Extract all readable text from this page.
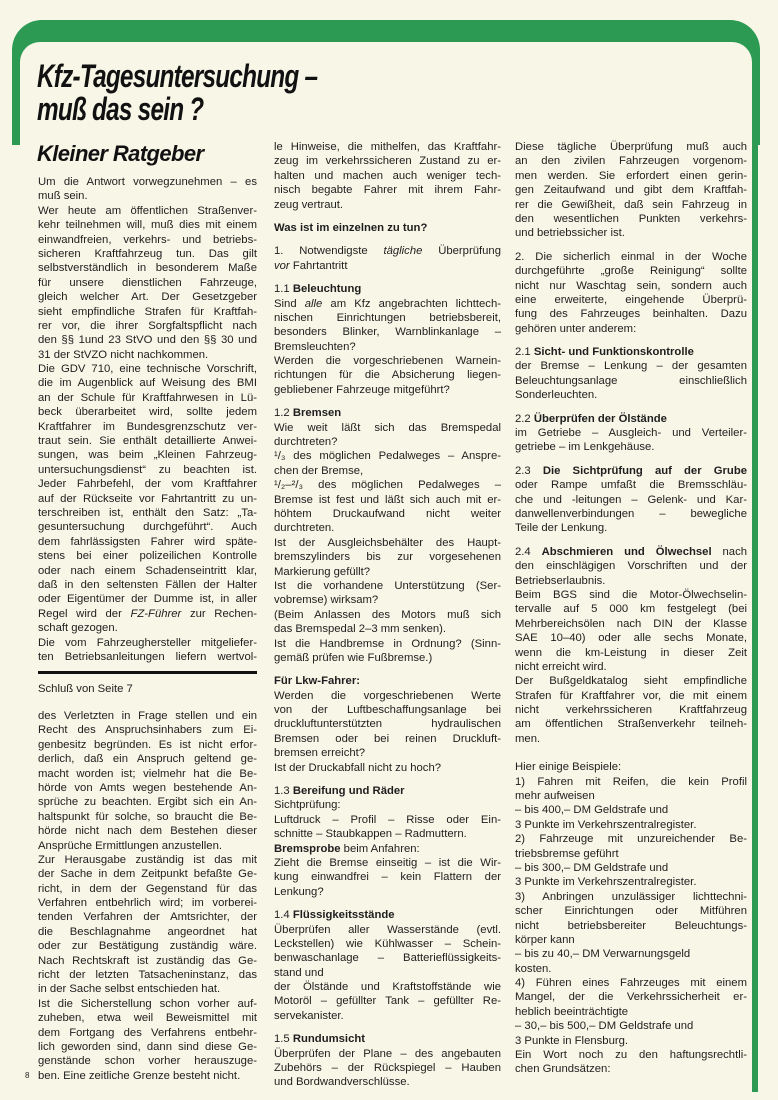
Kfz-Tagesuntersuchung –
muß das sein ?
Kleiner Ratgeber
Um die Antwort vorwegzunehmen – es
muß sein.
Wer heute am öffentlichen Straßenver-
kehr teilnehmen will, muß dies mit einem
einwandfreien, verkehrs- und betriebs-
sicheren Kraftfahrzeug tun. Das gilt
selbstverständlich in besonderem Maße
für unsere dienstlichen Fahrzeuge,
gleich welcher Art. Der Gesetzgeber
sieht empfindliche Strafen für Kraftfah-
rer vor, die ihrer Sorgfaltspflicht nach
den §§ 1und 23 StVO und den §§ 30 und
31 der StVZO nicht nachkommen.
Die GDV 710, eine technische Vorschrift,
die im Augenblick auf Weisung des BMI
an der Schule für Kraftfahrwesen in Lü-
beck überarbeitet wird, sollte jedem
Kraftfahrer im Bundesgrenzschutz ver-
traut sein. Sie enthält detaillierte Anwei-
sungen, was beim „Kleinen Fahrzeug-
untersuchungsdienst“ zu beachten ist.
Jeder Fahrbefehl, der vom Kraftfahrer
auf der Rückseite vor Fahrtantritt zu un-
terschreiben ist, enthält den Satz: „Ta-
gesuntersuchung durchgeführt“. Auch
dem fahrlässigsten Fahrer wird späte-
stens bei einer polizeilichen Kontrolle
oder nach einem Schadenseintritt klar,
daß in den seltensten Fällen der Halter
oder Eigentümer der Dumme ist, in aller
Regel wird der FZ-Führer zur Rechen-
schaft gezogen.
Die vom Fahrzeughersteller mitgeliefer-
ten Betriebsanleitungen liefern wertvol-
Schluß von Seite 7
des Verletzten in Frage stellen und ein
Recht des Anspruchsinhabers zum Ei-
genbesitz begründen. Es ist nicht erfor-
derlich, daß ein Anspruch geltend ge-
macht worden ist; vielmehr hat die Be-
hörde von Amts wegen bestehende An-
sprüche zu beachten. Ergibt sich ein An-
haltspunkt für solche, so braucht die Be-
hörde nicht nach dem Bestehen dieser
Ansprüche Ermittlungen anzustellen.
Zur Herausgabe zuständig ist das mit
der Sache in dem Zeitpunkt befaßte Ge-
richt, in dem der Gegenstand für das
Verfahren entbehrlich wird; im vorberei-
tenden Verfahren der Amtsrichter, der
die Beschlagnahme angeordnet hat
oder zur Bestätigung zuständig wäre.
Nach Rechtskraft ist zuständig das Ge-
richt der letzten Tatsacheninstanz, das
in der Sache selbst entschieden hat.
Ist die Sicherstellung schon vorher auf-
zuheben, etwa weil Beweismittel mit
dem Fortgang des Verfahrens entbehr-
lich geworden sind, dann sind diese Ge-
genstände schon vorher herauszuge-
ben. Eine zeitliche Grenze besteht nicht.
le Hinweise, die mithelfen, das Kraftfahr-
zeug im verkehrssicheren Zustand zu er-
halten und machen auch weniger tech-
nisch begabte Fahrer mit ihrem Fahr-
zeug vertraut.
Was ist im einzelnen zu tun?
1. Notwendigste tägliche Überprüfung
vor Fahrtantritt
1.1 Beleuchtung
Sind alle am Kfz angebrachten lichttech-
nischen Einrichtungen betriebsbereit,
besonders Blinker, Warnblinkanlage –
Bremsleuchten?
Werden die vorgeschriebenen Warnein-
richtungen für die Absicherung liegen-
gebliebener Fahrzeuge mitgeführt?
1.2 Bremsen
Wie weit läßt sich das Bremspedal
durchtreten?
¹/₃ des möglichen Pedalweges – Anspre-
chen der Bremse,
¹/₂–²/₃ des möglichen Pedalweges –
Bremse ist fest und läßt sich auch mit er-
höhtem Druckaufwand nicht weiter
durchtreten.
Ist der Ausgleichsbehälter des Haupt-
bremszylinders bis zur vorgesehenen
Markierung gefüllt?
Ist die vorhandene Unterstützung (Ser-
vobremse) wirksam?
(Beim Anlassen des Motors muß sich
das Bremspedal 2–3 mm senken).
Ist die Handbremse in Ordnung? (Sinn-
gemäß prüfen wie Fußbremse.)
Für Lkw-Fahrer:
Werden die vorgeschriebenen Werte
von der Luftbeschaffungsanlage bei
druckluftunterstützten hydraulischen
Bremsen oder bei reinen Druckluft-
bremsen erreicht?
Ist der Druckabfall nicht zu hoch?
1.3 Bereifung und Räder
Sichtprüfung:
Luftdruck – Profil – Risse oder Ein-
schnitte – Staubkappen – Radmuttern.
Bremsprobe beim Anfahren:
Zieht die Bremse einseitig – ist die Wir-
kung einwandfrei – kein Flattern der
Lenkung?
1.4 Flüssigkeitsstände
Überprüfen aller Wasserstände (evtl.
Leckstellen) wie Kühlwasser – Schein-
benwaschanlage – Batterieflüssigkeits-
stand und
der Ölstände und Kraftstoffstände wie
Motoröl – gefüllter Tank – gefüllter Re-
servekanister.
1.5 Rundumsicht
Überprüfen der Plane – des angebauten
Zubehörs – der Rückspiegel – Hauben
und Bordwandverschlüsse.
Diese tägliche Überprüfung muß auch
an den zivilen Fahrzeugen vorgenom-
men werden. Sie erfordert einen gerin-
gen Zeitaufwand und gibt dem Kraftfah-
rer die Gewißheit, daß sein Fahrzeug in
den wesentlichen Punkten verkehrs-
und betriebssicher ist.
2. Die sicherlich einmal in der Woche
durchgeführte „große Reinigung“ sollte
nicht nur Waschtag sein, sondern auch
eine erweiterte, eingehende Überprü-
fung des Fahrzeuges beinhalten. Dazu
gehören unter anderem:
2.1 Sicht- und Funktionskontrolle
der Bremse – Lenkung – der gesamten
Beleuchtungsanlage einschließlich
Sonderleuchten.
2.2 Überprüfen der Ölstände
im Getriebe – Ausgleich- und Verteiler-
getriebe – im Lenkgehäuse.
2.3 Die Sichtprüfung auf der Grube
oder Rampe umfaßt die Bremsschläu-
che und -leitungen – Gelenk- und Kar-
danwellenverbindungen – bewegliche
Teile der Lenkung.
2.4 Abschmieren und Ölwechsel nach
den einschlägigen Vorschriften und der
Betriebserlaubnis.
Beim BGS sind die Motor-Ölwechselin-
tervalle auf 5 000 km festgelegt (bei
Mehrbereichsölen nach DIN der Klasse
SAE 10–40) oder alle sechs Monate,
wenn die km-Leistung in dieser Zeit
nicht erreicht wird.
Der Bußgeldkatalog sieht empfindliche
Strafen für Kraftfahrer vor, die mit einem
nicht verkehrssicheren Kraftfahrzeug
am öffentlichen Straßenverkehr teilneh-
men.
Hier einige Beispiele:
1) Fahren mit Reifen, die kein Profil
mehr aufweisen
– bis 400,– DM Geldstrafe und
3 Punkte im Verkehrszentralregister.
2) Fahrzeuge mit unzureichender Be-
triebsbremse geführt
– bis 300,– DM Geldstrafe und
3 Punkte im Verkehrszentralregister.
3) Anbringen unzulässiger lichttechni-
scher Einrichtungen oder Mitführen
nicht betriebsbereiter Beleuchtungs-
körper kann
– bis zu 40,– DM Verwarnungsgeld
kosten.
4) Führen eines Fahrzeuges mit einem
Mangel, der die Verkehrssicherheit er-
heblich beeinträchtigte
– 30,– bis 500,– DM Geldstrafe und
3 Punkte in Flensburg.
Ein Wort noch zu den haftungsrechtli-
chen Grundsätzen:
8
